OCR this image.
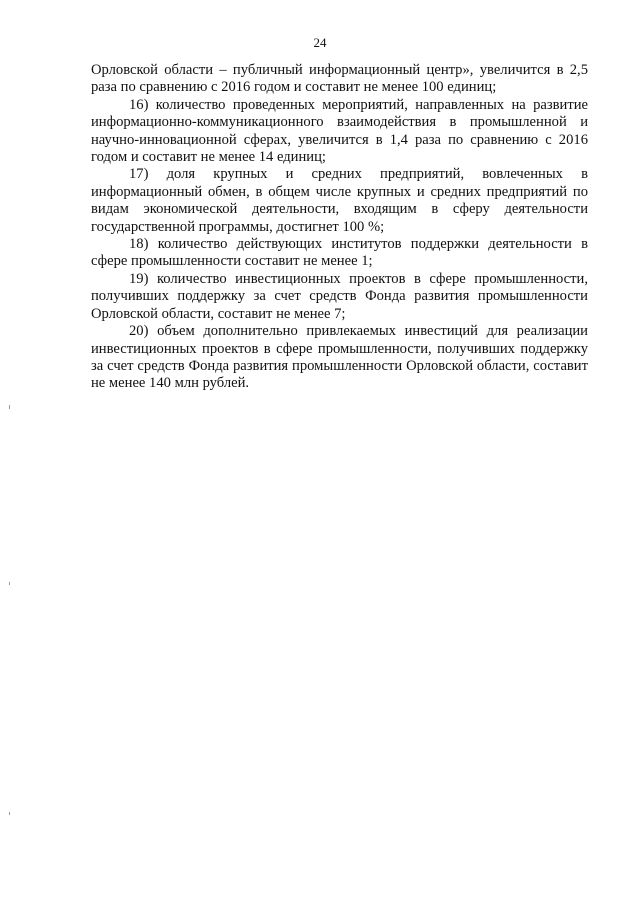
24

Орловской области – публичный информационный центр», увеличится в 2,5 раза по сравнению с 2016 годом и составит не менее 100 единиц;

16) количество проведенных мероприятий, направленных на развитие информационно-коммуникационного взаимодействия в промышленной и научно-инновационной сферах, увеличится в 1,4 раза по сравнению с 2016 годом и составит не менее 14 единиц;

17) доля крупных и средних предприятий, вовлеченных в информационный обмен, в общем числе крупных и средних предприятий по видам экономической деятельности, входящим в сферу деятельности государственной программы, достигнет 100 %;

18) количество действующих институтов поддержки деятельности в сфере промышленности составит не менее 1;

19) количество инвестиционных проектов в сфере промышленности, получивших поддержку за счет средств Фонда развития промышленности Орловской области, составит не менее 7;

20) объем дополнительно привлекаемых инвестиций для реализации инвестиционных проектов в сфере промышленности, получивших поддержку за счет средств Фонда развития промышленности Орловской области, составит не менее 140 млн рублей.
